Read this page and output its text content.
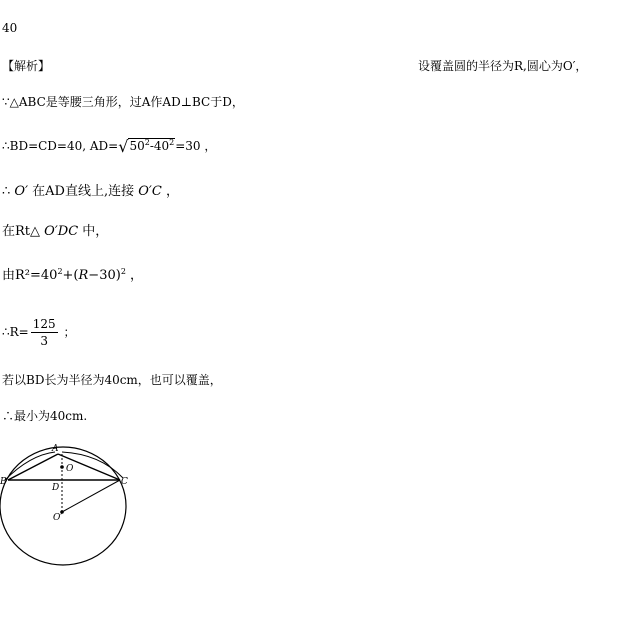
40
【解析】	设覆盖圆的半径为R,圆心为O′，
∵△ABC是等腰三角形，过A作AD⊥BC于D，
∴BD=CD=40, $AD=√50^2-40^2=30$ ，
∴ O′ 在AD直线上,连接 O′C ，
在Rt△ O′DC 中，
由$R^2=40^2+(R-30)^2$ ，
∴R= $\frac{125}{3}$ ；
若以BD长为半径为40cm，也可以覆盖，
∴最小为40cm.
A
B	C
D
O
O′
